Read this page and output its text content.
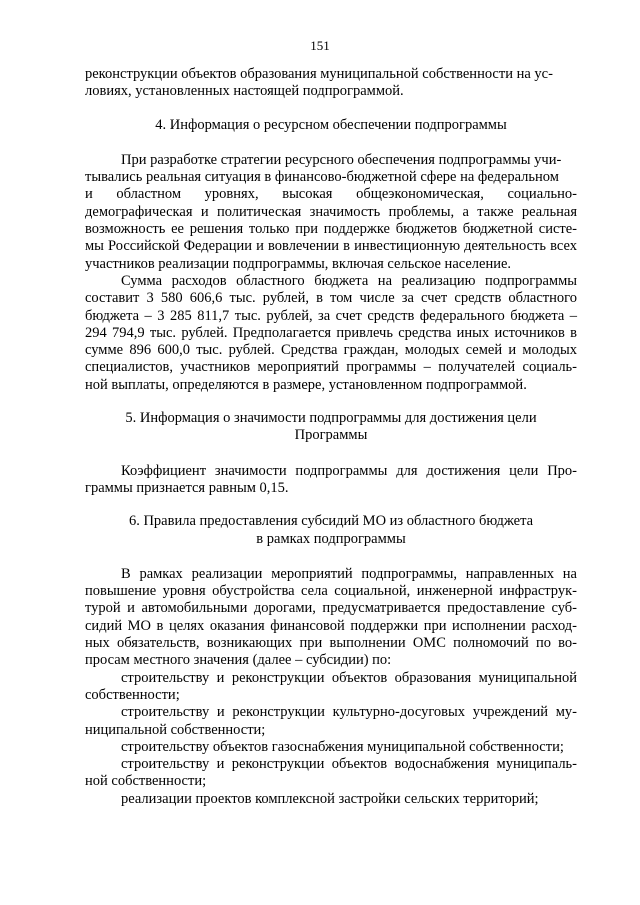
151

реконструкции объектов образования муниципальной собственности на ус-

ловиях, установленных настоящей подпрограммой.

4. Информация о ресурсном обеспечении подпрограммы

При разработке стратегии ресурсного обеспечения подпрограммы учи-

тывались реальная ситуация в финансово-бюджетной сфере на федеральном

и областном уровнях, высокая общеэкономическая, социально-

демографическая и политическая значимость проблемы, а также реальная возможность ее решения только при поддержке бюджетов бюджетной систе-мы Российской Федерации и вовлечении в инвестиционную деятельность всех участников реализации подпрограммы, включая сельское население.

Сумма расходов областного бюджета на реализацию подпрограммы составит 3 580 606,6 тыс. рублей, в том числе за счет средств областного бюджета – 3 285 811,7 тыс. рублей, за счет средств федерального бюджета – 294 794,9 тыс. рублей. Предполагается привлечь средства иных источников в сумме 896 600,0 тыс. рублей. Средства граждан, молодых семей и молодых специалистов, участников мероприятий программы – получателей социаль-ной выплаты, определяются в размере, установленном подпрограммой.

5. Информация о значимости подпрограммы для достижения цели

Программы

Коэффициент значимости подпрограммы для достижения цели Про-граммы признается равным 0,15.

6. Правила предоставления субсидий МО из областного бюджета

в рамках подпрограммы

В рамках реализации мероприятий подпрограммы, направленных на повышение уровня обустройства села социальной, инженерной инфраструк-турой и автомобильными дорогами, предусматривается предоставление суб-сидий МО в целях оказания финансовой поддержки при исполнении расход-ных обязательств, возникающих при выполнении ОМС полномочий по во-просам местного значения (далее – субсидии) по:

строительству и реконструкции объектов образования муниципальной собственности;

строительству и реконструкции культурно-досуговых учреждений му-ниципальной собственности;

строительству объектов газоснабжения муниципальной собственности;

строительству и реконструкции объектов водоснабжения муниципаль-ной собственности;

реализации проектов комплексной застройки сельских территорий;
